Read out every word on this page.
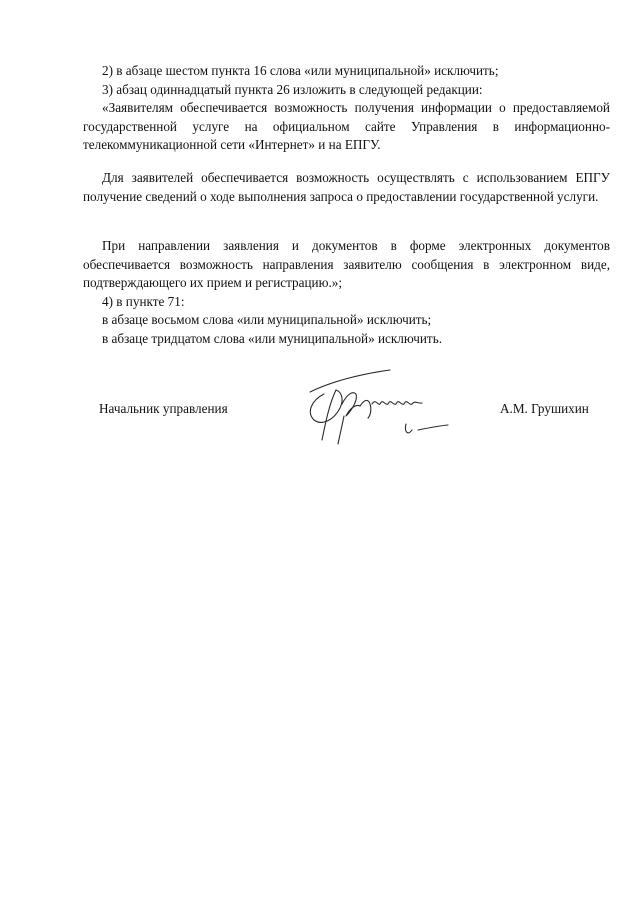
2) в абзаце шестом пункта 16 слова «или муниципальной» исключить;

3) абзац одиннадцатый пункта 26 изложить в следующей редакции:

«Заявителям обеспечивается возможность получения информации о предоставляемой государственной услуге на официальном сайте Управления в информационно-телекоммуникационной сети «Интернет» и на ЕПГУ.

Для заявителей обеспечивается возможность осуществлять с использованием ЕПГУ получение сведений о ходе выполнения запроса о предоставлении государственной услуги.

При направлении заявления и документов в форме электронных документов обеспечивается возможность направления заявителю сообщения в электронном виде, подтверждающего их прием и регистрацию.»;

4) в пункте 71:

в абзаце восьмом слова «или муниципальной» исключить;

в абзаце тридцатом слова «или муниципальной» исключить.

Начальник управления	А.М. Грушихин
